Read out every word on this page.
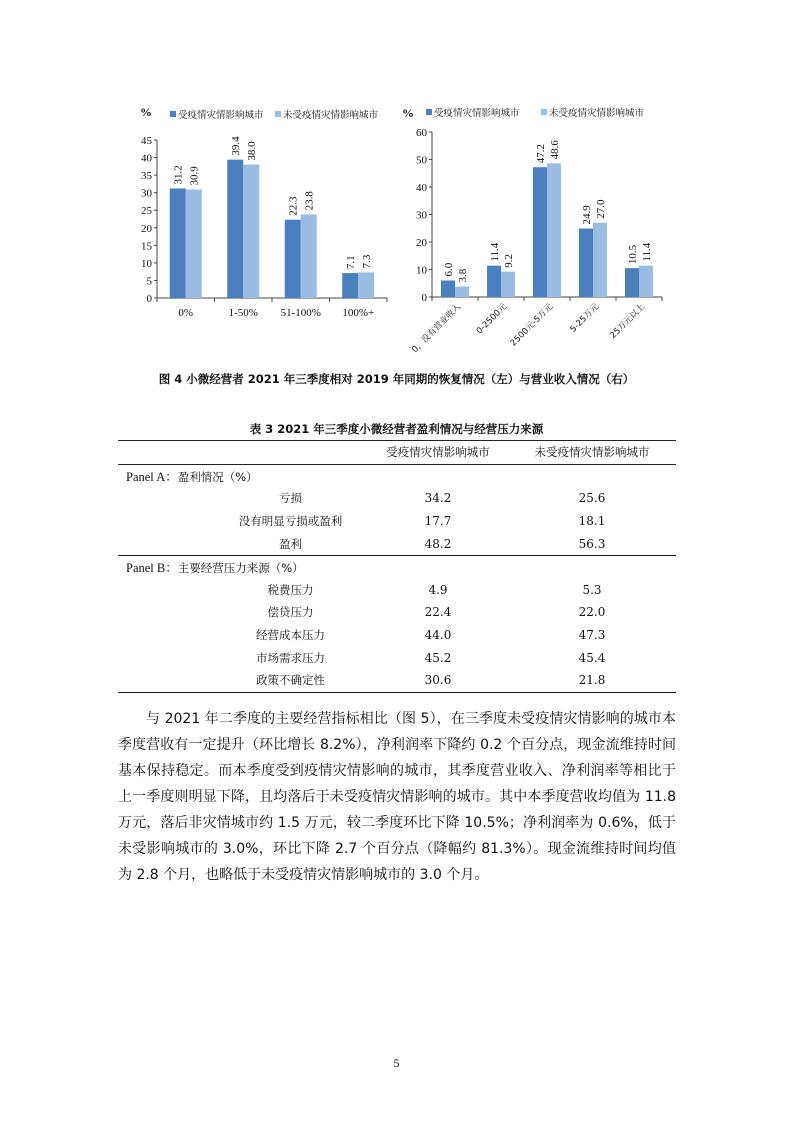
%	受疫情灾情影响城市 未受疫情灾情影响城市
0
5
10
15
20
25
30
35
40
45
31.2 30.9
0%
39.4 38.0
1-50%
22.3 23.8
51-100%
7.1 7.3
100%+
% 受疫情灾情影响城市	未受疫情灾情影响城市
0
10
20
30
40
50
60
6.0 3.8
0，没有营业收入
11.4 9.2
0-2500元
47.2 48.6
2500元-5万元
24.9 27.0
5-25万元
10.5 11.4
25万元以上
图 4 小微经营者 2021 年三季度相对 2019 年同期的恢复情况（左）与营业收入情况（右）
表 3 2021 年三季度小微经营者盈利情况与经营压力来源
	受疫情灾情影响城市	未受疫情灾情影响城市
Panel A：盈利情况（%）		
亏损	34.2	25.6
没有明显亏损或盈利	17.7	18.1
盈利	48.2	56.3
Panel B：主要经营压力来源（%）		
税费压力	4.9	5.3
偿贷压力	22.4	22.0
经营成本压力	44.0	47.3
市场需求压力	45.2	45.4
政策不确定性	30.6	21.8

与 2021 年二季度的主要经营指标相比（图 5），在三季度未受疫情灾情影响的城市本季度营收有一定提升（环比增长 8.2%），净利润率下降约 0.2 个百分点，现金流维持时间基本保持稳定。而本季度受到疫情灾情影响的城市，其季度营业收入、净利润率等相比于上一季度则明显下降，且均落后于未受疫情灾情影响的城市。其中本季度营收均值为 11.8 万元，落后非灾情城市约 1.5 万元，较二季度环比下降 10.5%；净利润率为 0.6%，低于未受影响城市的 3.0%，环比下降 2.7 个百分点（降幅约 81.3%）。现金流维持时间均值为 2.8 个月，也略低于未受疫情灾情影响城市的 3.0 个月。

5
